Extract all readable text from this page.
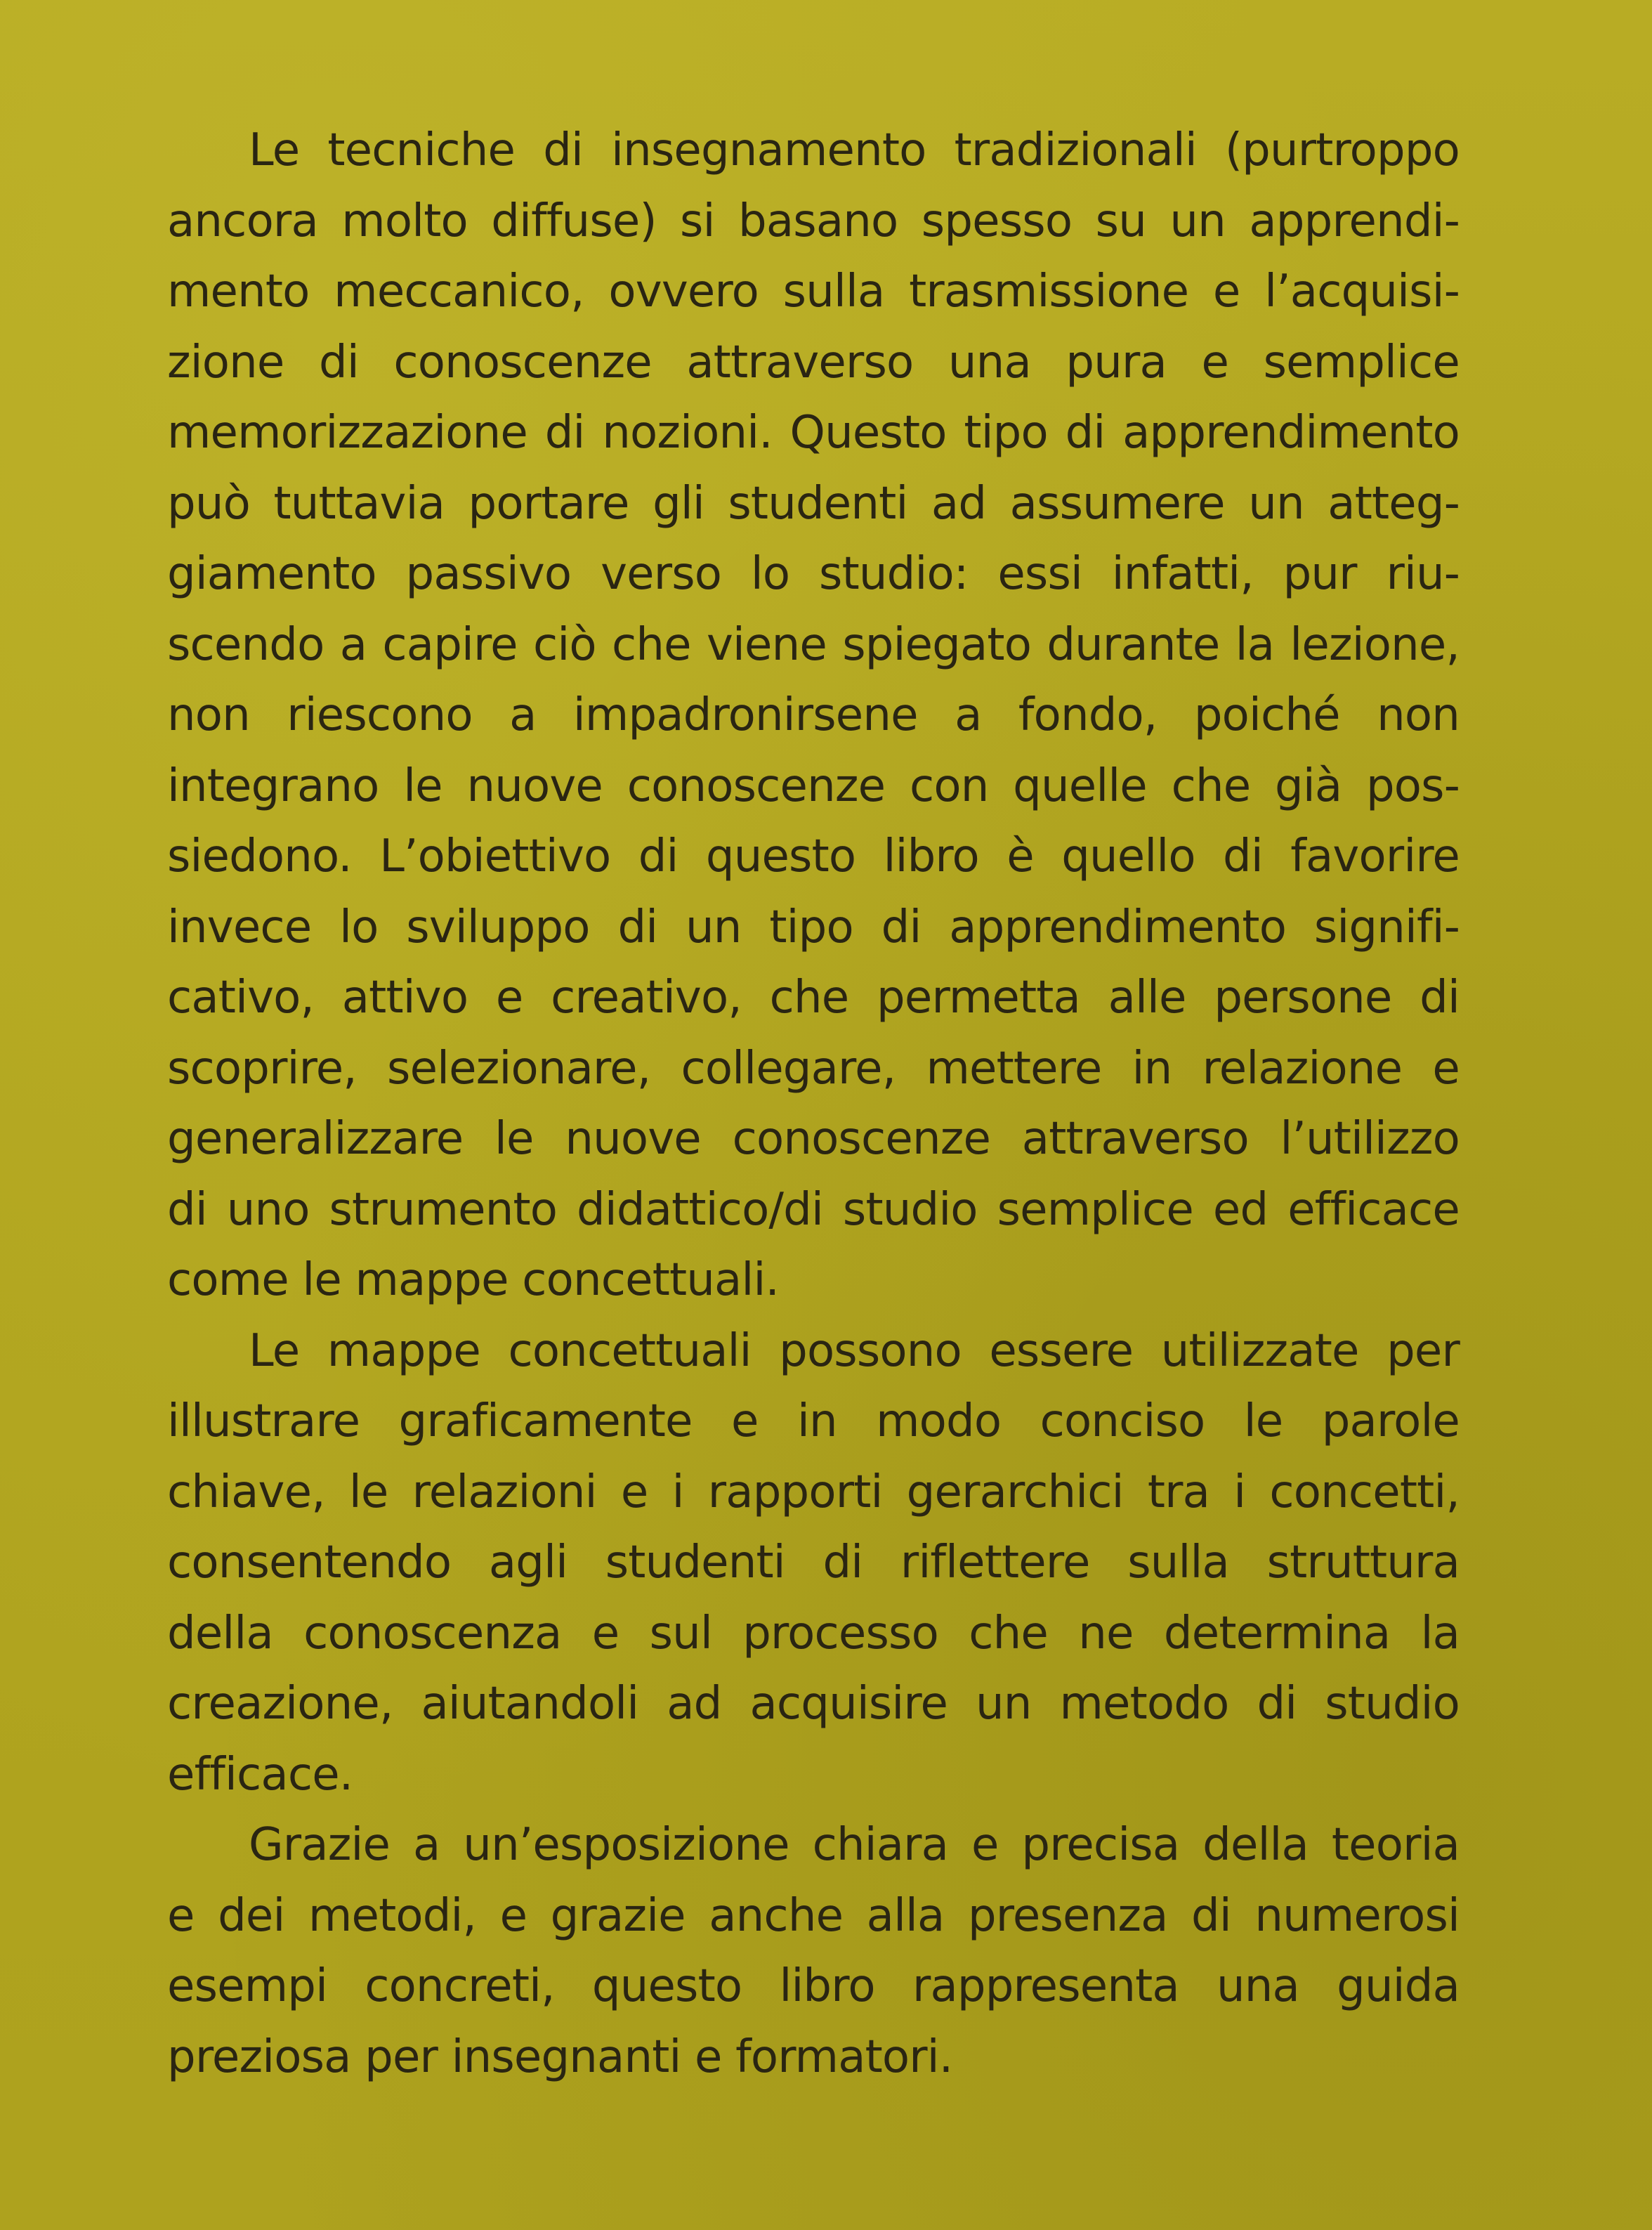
Le tecniche di insegnamento tradizionali (purtroppo
ancora molto diffuse) si basano spesso su un apprendi-
mento meccanico, ovvero sulla trasmissione e l’acquisi-
zione di conoscenze attraverso una pura e semplice
memorizzazione di nozioni. Questo tipo di apprendimento
può tuttavia portare gli studenti ad assumere un atteg-
giamento passivo verso lo studio: essi infatti, pur riu-
scendo a capire ciò che viene spiegato durante la lezione,
non riescono a impadronirsene a fondo, poiché non
integrano le nuove conoscenze con quelle che già pos-
siedono. L’obiettivo di questo libro è quello di favorire
invece lo sviluppo di un tipo di apprendimento signifi-
cativo, attivo e creativo, che permetta alle persone di
scoprire, selezionare, collegare, mettere in relazione e
generalizzare le nuove conoscenze attraverso l’utilizzo
di uno strumento didattico/di studio semplice ed efficace
come le mappe concettuali.
Le mappe concettuali possono essere utilizzate per
illustrare graficamente e in modo conciso le parole
chiave, le relazioni e i rapporti gerarchici tra i concetti,
consentendo agli studenti di riflettere sulla struttura
della conoscenza e sul processo che ne determina la
creazione, aiutandoli ad acquisire un metodo di studio
efficace.
Grazie a un’esposizione chiara e precisa della teoria
e dei metodi, e grazie anche alla presenza di numerosi
esempi concreti, questo libro rappresenta una guida
preziosa per insegnanti e formatori.
